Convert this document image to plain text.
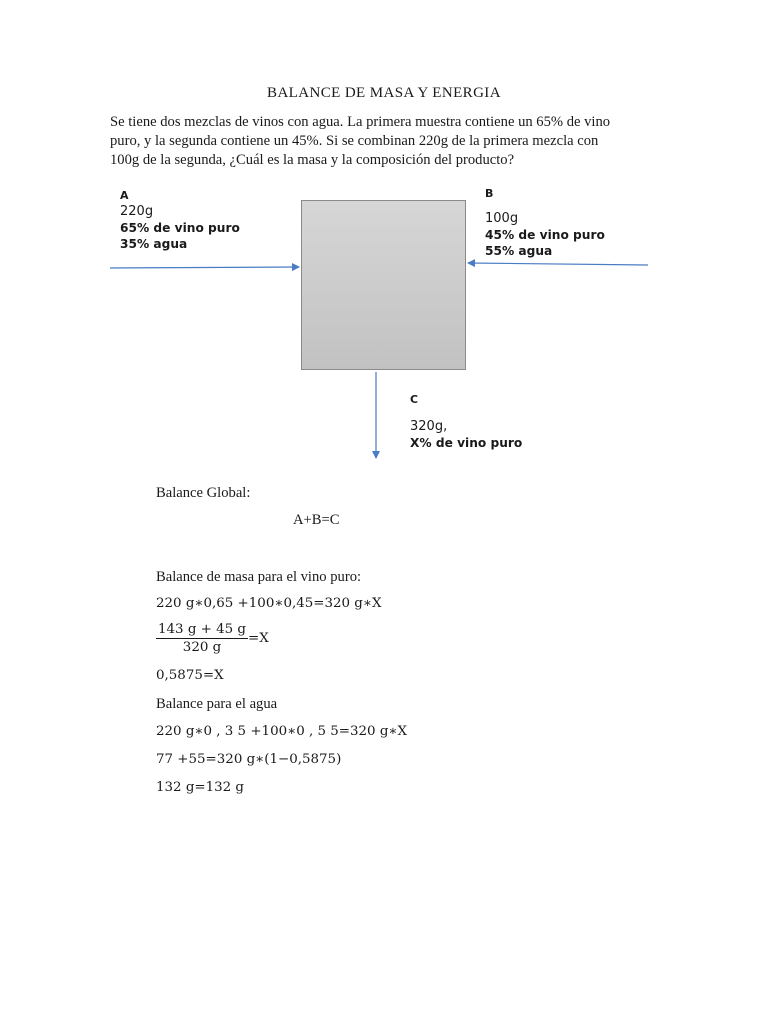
BALANCE DE MASA Y ENERGIA
Se tiene dos mezclas de vinos con agua. La primera muestra contiene un 65% de vino
puro, y la segunda contiene un 45%. Si se combinan 220g de la primera mezcla con
100g de la segunda, ¿Cuál es la masa y la composición del producto?
A
220g
65% de vino puro
35% agua
B
100g
45% de vino puro
55% agua
C
320g,
X% de vino puro
Balance Global:
A+B=C
Balance de masa para el vino puro:
220 g∗0,65 +100∗0,45=320 g∗X
$\frac{143 g + 45 g}{320 g} =X$
0,5875=X
Balance para el agua
220 g∗0 , 3 5 +100∗0 , 5 5=320 g∗X
77 +55=320 g∗(1−0,5875)
132 g=132 g
